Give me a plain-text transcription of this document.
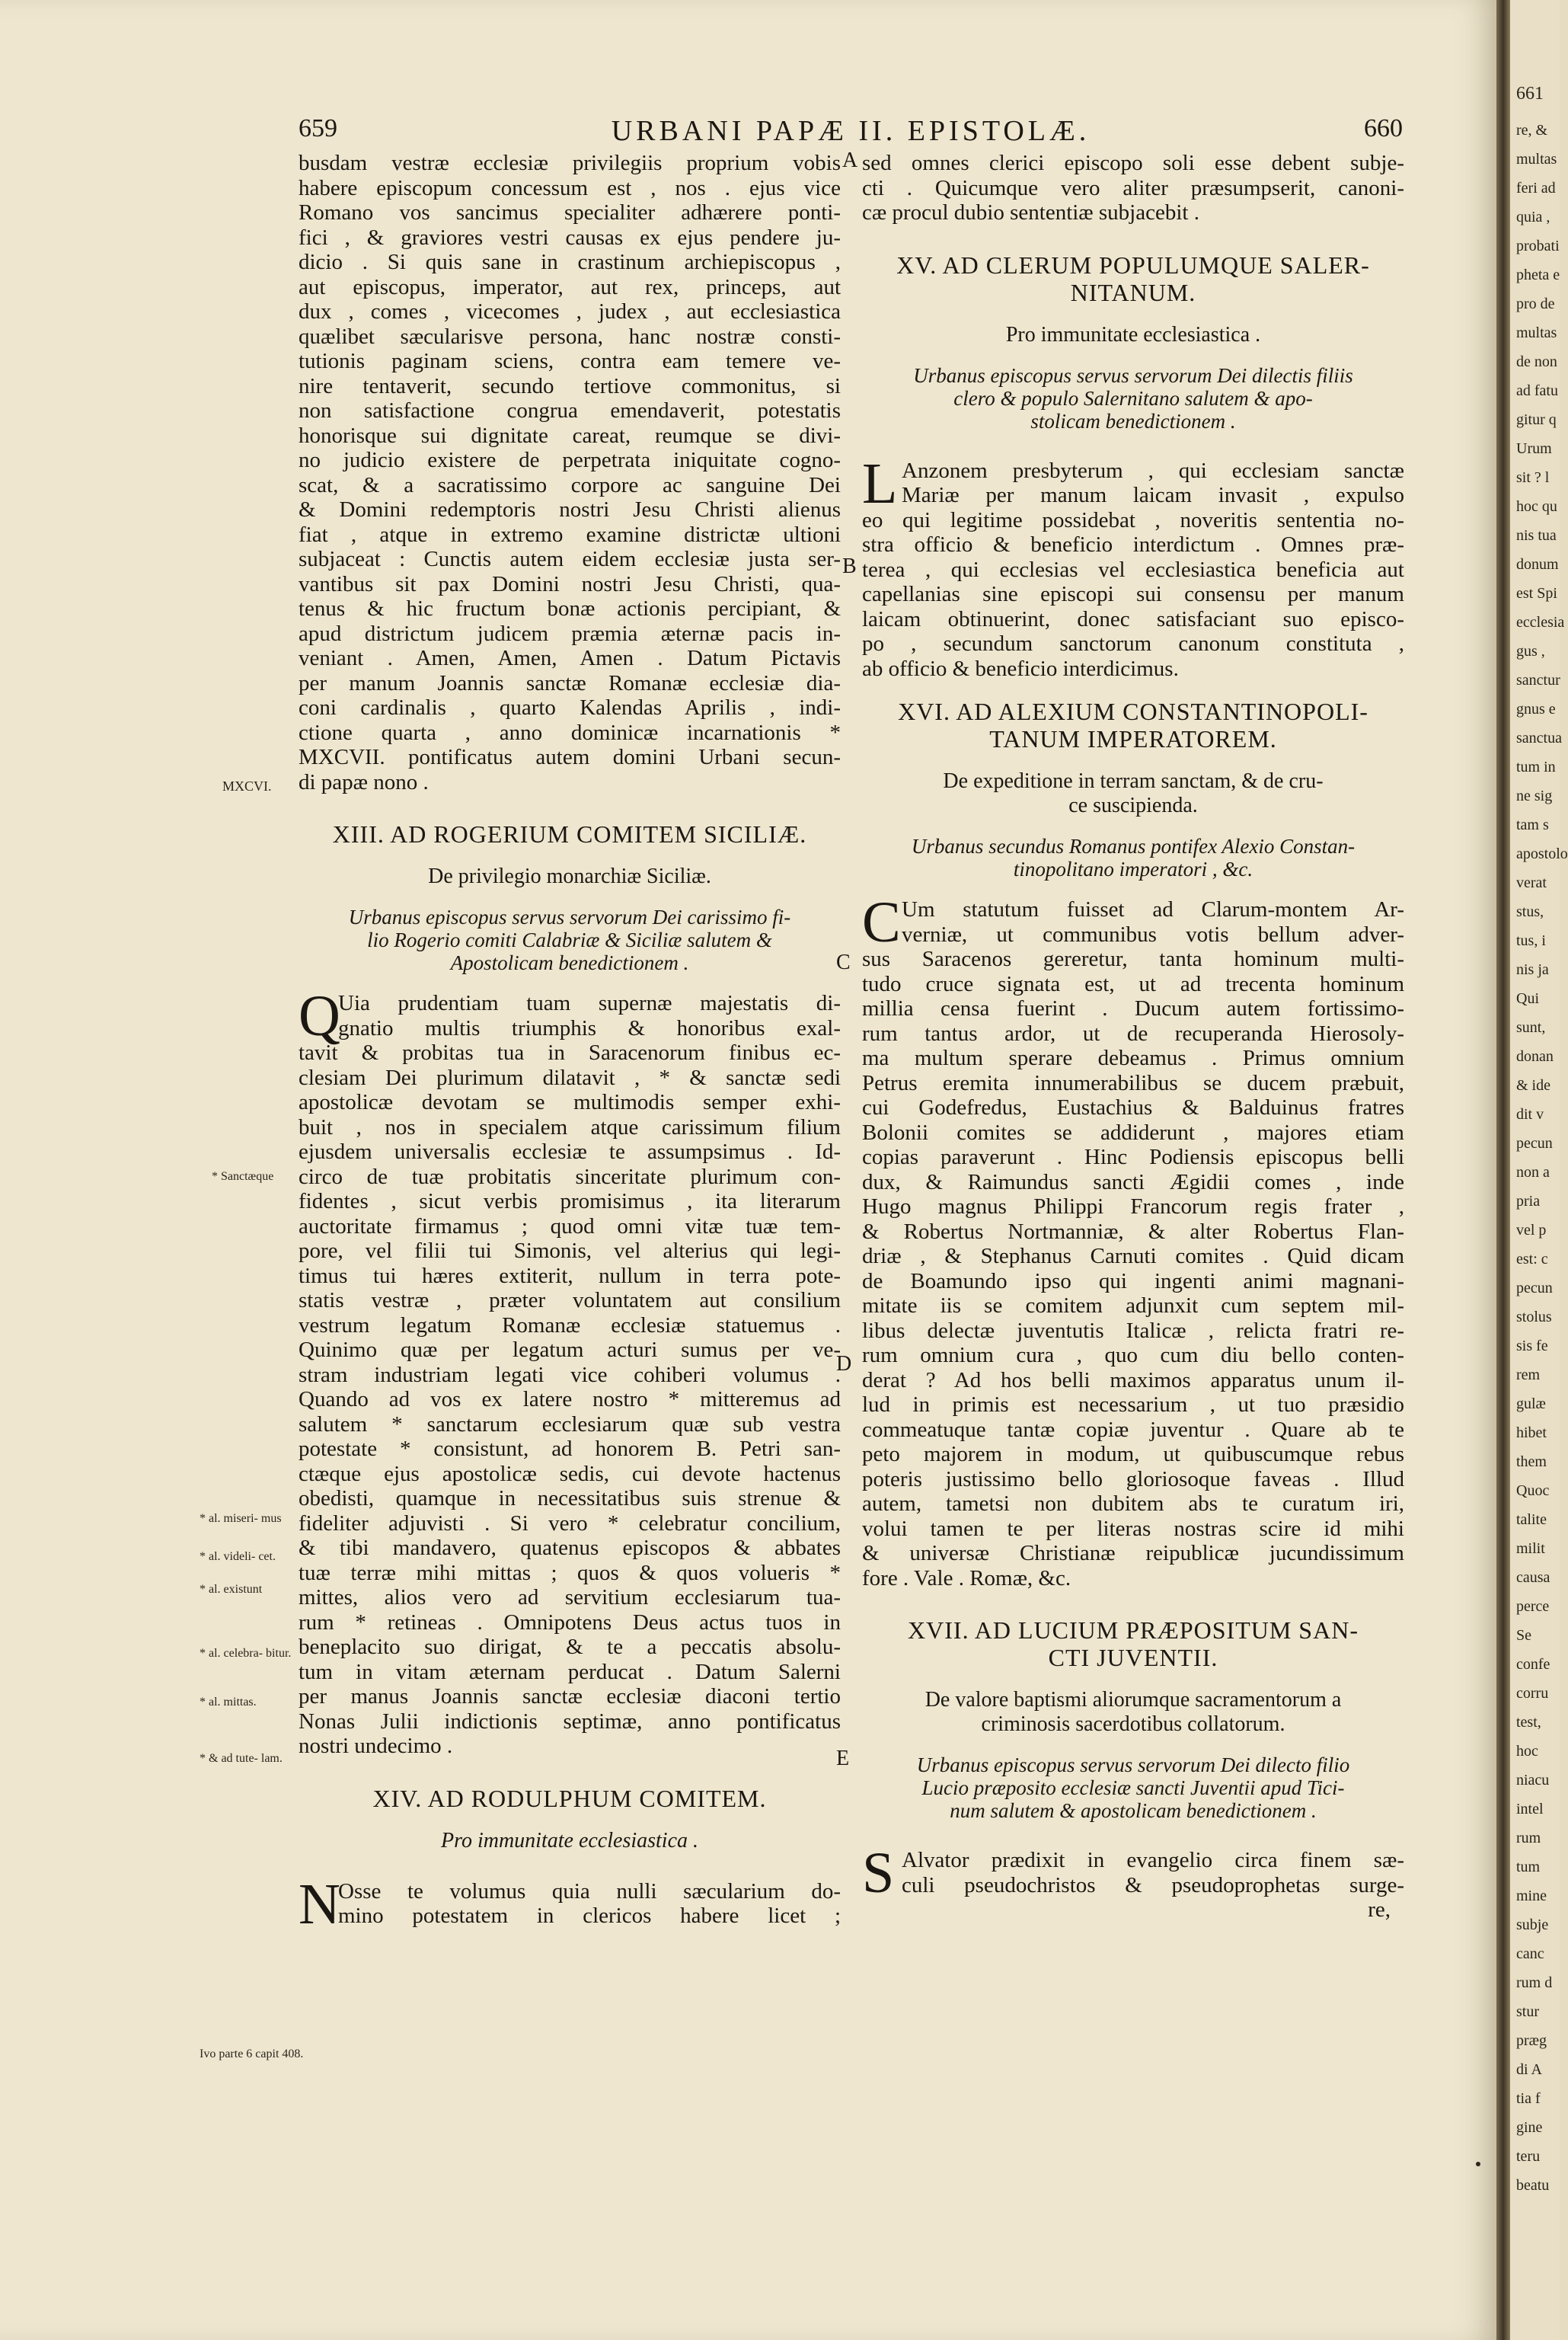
661
re, &
multas
feri ad
quia ,
probati
pheta e
pro de
multas
de non
ad fatu
gitur q
Urum
sit ? l
hoc qu
nis tua
donum
est Spi
ecclesia
gus ,
sanctur
gnus e
sanctua
tum in
ne sig
tam s
apostolo
verat
stus,
tus, i
nis ja
Qui
sunt,
donan
& ide
dit v
pecun
non a
pria
vel p
est: c
pecun
stolus
sis fe
rem
gulæ
hibet
them
Quoc
talite
milit
causa
perce
Se
confe
corru
test,
hoc
niacu
intel
rum
tum
mine
subje
canc
rum d
stur
præg
di A
tia f
gine
teru
beatu
659	URBANI PAPÆ II. EPISTOLÆ.	660
MXCVI.
* Sanctæque
* al. miseri- mus
* al. videli- cet.
* al. existunt
* al. celebra- bitur.
* al. mittas.
* & ad tute- lam.
Ivo parte 6 capit 408.
A
B
C
D
E
busdam vestræ ecclesiæ privilegiis proprium vobis
habere episcopum concessum est , nos . ejus vice
Romano vos sancimus specialiter adhærere ponti-
fici , & graviores vestri causas ex ejus pendere ju-
dicio . Si quis sane in crastinum archiepiscopus ,
aut episcopus, imperator, aut rex, princeps, aut
dux , comes , vicecomes , judex , aut ecclesiastica
quælibet sæcularisve persona, hanc nostræ consti-
tutionis paginam sciens, contra eam temere ve-
nire tentaverit, secundo tertiove commonitus, si
non satisfactione congrua emendaverit, potestatis
honorisque sui dignitate careat, reumque se divi-
no judicio existere de perpetrata iniquitate cogno-
scat, & a sacratissimo corpore ac sanguine Dei
& Domini redemptoris nostri Jesu Christi alienus
fiat , atque in extremo examine districtæ ultioni
subjaceat : Cunctis autem eidem ecclesiæ justa ser-
vantibus sit pax Domini nostri Jesu Christi, qua-
tenus & hic fructum bonæ actionis percipiant, &
apud districtum judicem præmia æternæ pacis in-
veniant . Amen, Amen, Amen . Datum Pictavis
per manum Joannis sanctæ Romanæ ecclesiæ dia-
coni cardinalis , quarto Kalendas Aprilis , indi-
ctione quarta , anno dominicæ incarnationis *
MXCVII. pontificatus autem domini Urbani secun-
di papæ nono .
XIII. AD ROGERIUM COMITEM SICILIÆ.
De privilegio monarchiæ Siciliæ.
Urbanus episcopus servus servorum Dei carissimo fi-
lio Rogerio comiti Calabriæ & Siciliæ salutem &
Apostolicam benedictionem .
Q
Uia prudentiam tuam supernæ majestatis di-
gnatio multis triumphis & honoribus exal-
tavit & probitas tua in Saracenorum finibus ec-
clesiam Dei plurimum dilatavit , * & sanctæ sedi
apostolicæ devotam se multimodis semper exhi-
buit , nos in specialem atque carissimum filium
ejusdem universalis ecclesiæ te assumpsimus . Id-
circo de tuæ probitatis sinceritate plurimum con-
fidentes , sicut verbis promisimus , ita literarum
auctoritate firmamus ; quod omni vitæ tuæ tem-
pore, vel filii tui Simonis, vel alterius qui legi-
timus tui hæres extiterit, nullum in terra pote-
statis vestræ , præter voluntatem aut consilium
vestrum legatum Romanæ ecclesiæ statuemus .
Quinimo quæ per legatum acturi sumus per ve-
stram industriam legati vice cohiberi volumus .
Quando ad vos ex latere nostro * mitteremus ad
salutem * sanctarum ecclesiarum quæ sub vestra
potestate * consistunt, ad honorem B. Petri san-
ctæque ejus apostolicæ sedis, cui devote hactenus
obedisti, quamque in necessitatibus suis strenue &
fideliter adjuvisti . Si vero * celebratur concilium,
& tibi mandavero, quatenus episcopos & abbates
tuæ terræ mihi mittas ; quos & quos volueris *
mittes, alios vero ad servitium ecclesiarum tua-
rum * retineas . Omnipotens Deus actus tuos in
beneplacito suo dirigat, & te a peccatis absolu-
tum in vitam æternam perducat . Datum Salerni
per manus Joannis sanctæ ecclesiæ diaconi tertio
Nonas Julii indictionis septimæ, anno pontificatus
nostri undecimo .
XIV. AD RODULPHUM COMITEM.
Pro immunitate ecclesiastica .
N
Osse te volumus quia nulli sæcularium do-
mino potestatem in clericos habere licet ;
sed omnes clerici episcopo soli esse debent subje-
cti . Quicumque vero aliter præsumpserit, canoni-
cæ procul dubio sententiæ subjacebit .
XV. AD CLERUM POPULUMQUE SALER-
NITANUM.
Pro immunitate ecclesiastica .
Urbanus episcopus servus servorum Dei dilectis filiis
clero & populo Salernitano salutem & apo-
stolicam benedictionem .
L Anzonem presbyterum , qui ecclesiam sanctæ
Mariæ per manum laicam invasit , expulso
eo qui legitime possidebat , noveritis sententia no-
stra officio & beneficio interdictum . Omnes præ-
terea , qui ecclesias vel ecclesiastica beneficia aut
capellanias sine episcopi sui consensu per manum
laicam obtinuerint, donec satisfaciant suo episco-
po , secundum sanctorum canonum constituta ,
ab officio & beneficio interdicimus.
XVI. AD ALEXIUM CONSTANTINOPOLI-
TANUM IMPERATOREM.
De expeditione in terram sanctam, & de cru-
ce suscipienda.
Urbanus secundus Romanus pontifex Alexio Constan-
tinopolitano imperatori , &c.
C Um statutum fuisset ad Clarum-montem Ar-
verniæ, ut communibus votis bellum adver-
sus Saracenos gereretur, tanta hominum multi-
tudo cruce signata est, ut ad trecenta hominum
millia censa fuerint . Ducum autem fortissimo-
rum tantus ardor, ut de recuperanda Hierosoly-
ma multum sperare debeamus . Primus omnium
Petrus eremita innumerabilibus se ducem præbuit,
cui Godefredus, Eustachius & Balduinus fratres
Bolonii comites se addiderunt , majores etiam
copias paraverunt . Hinc Podiensis episcopus belli
dux, & Raimundus sancti Ægidii comes , inde
Hugo magnus Philippi Francorum regis frater ,
& Robertus Nortmanniæ, & alter Robertus Flan-
driæ , & Stephanus Carnuti comites . Quid dicam
de Boamundo ipso qui ingenti animi magnani-
mitate iis se comitem adjunxit cum septem mil-
libus delectæ juventutis Italicæ , relicta fratri re-
rum omnium cura , quo cum diu bello conten-
derat ? Ad hos belli maximos apparatus unum il-
lud in primis est necessarium , ut tuo præsidio
commeatuque tantæ copiæ juventur . Quare ab te
peto majorem in modum, ut quibuscumque rebus
poteris justissimo bello gloriosoque faveas . Illud
autem, tametsi non dubitem abs te curatum iri,
volui tamen te per literas nostras scire id mihi
& universæ Christianæ reipublicæ jucundissimum
fore . Vale . Romæ, &c.
XVII. AD LUCIUM PRÆPOSITUM SAN-
CTI JUVENTII.
De valore baptismi aliorumque sacramentorum a
criminosis sacerdotibus collatorum.
Urbanus episcopus servus servorum Dei dilecto filio
Lucio præposito ecclesiæ sancti Juventii apud Tici-
num salutem & apostolicam benedictionem .
S Alvator prædixit in evangelio circa finem sæ-
culi pseudochristos & pseudoprophetas surge-
re,
